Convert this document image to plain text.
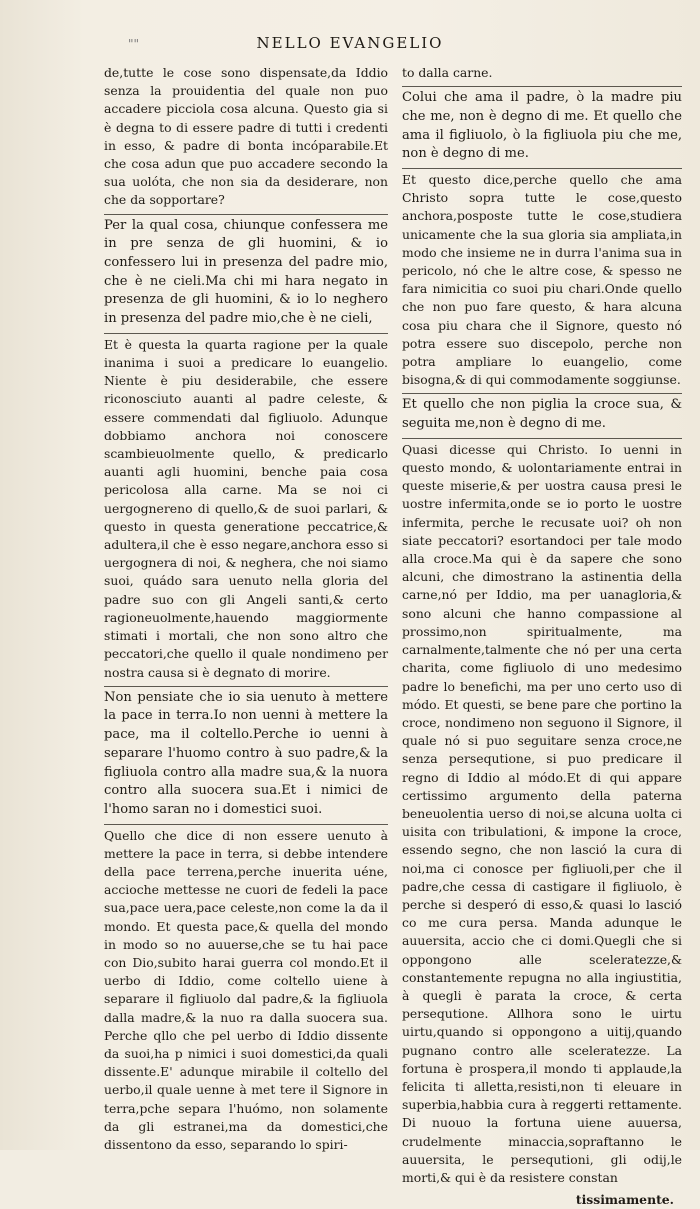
""	NELLO EVANGELIO

de,tutte le cose sono dispensate,da Iddio senza la prouidentia del quale non puo accadere picciola cosa alcuna. Questo gia si è degna to di essere padre di tutti i credenti in esso, & padre di bonta incóparabile.Et che cosa adun que puo accadere secondo la sua uolóta, che non sia da desiderare, non che da sopportare?

Per la qual cosa, chiunque confessera me in pre senza de gli huomini, & io confessero lui in presenza del padre mio, che è ne cieli.Ma chi mi hara negato in presenza de gli huomini, & io lo neghero in presenza del padre mio,che è ne cieli,

Et è questa la quarta ragione per la quale inanima i suoi a predicare lo euangelio. Niente è piu desiderabile, che essere riconosciuto auanti al padre celeste, & essere commendati dal figliuolo. Adunque dobbiamo anchora noi conoscere scambieuolmente quello, & predicarlo auanti agli huomini, benche paia cosa pericolosa alla carne. Ma se noi ci uergognereno di quello,& de suoi parlari, & questo in questa generatione peccatrice,& adultera,il che è esso negare,anchora esso si uergognera di noi, & neghera, che noi siamo suoi, quádo sara uenuto nella gloria del padre suo con gli Angeli santi,& certo ragioneuolmente,hauendo maggiormente stimati i mortali, che non sono altro che peccatori,che quello il quale nondimeno per nostra causa si è degnato di morire.

Non pensiate che io sia uenuto à mettere la pace in terra.Io non uenni à mettere la pace, ma il coltello.Perche io uenni à separare l'huomo contro à suo padre,& la figliuola contro alla madre sua,& la nuora contro alla suocera sua.Et i nimici de l'homo saran no i domestici suoi.

Quello che dice di non essere uenuto à mettere la pace in terra, si debbe intendere della pace terrena,perche inuerita uéne, accioche mettesse ne cuori de fedeli la pace sua,pace uera,pace celeste,non come la da il mondo. Et questa pace,& quella del mondo in modo so no auuerse,che se tu hai pace con Dio,subito harai guerra col mondo.Et il uerbo di Iddio, come coltello uiene à separare il figliuolo dal padre,& la figliuola dalla madre,& la nuo ra dalla suocera sua. Perche qllo che pel uerbo di Iddio dissente da suoi,ha p nimici i suoi domestici,da quali dissente.E' adunque mirabile il coltello del uerbo,il quale uenne à met tere il Signore in terra,pche separa l'huómo, non solamente da gli estranei,ma da domestici,che dissentono da esso, separando lo spiri-

to dalla carne.

Colui che ama il padre, ò la madre piu che me, non è degno di me. Et quello che ama il figliuolo, ò la figliuola piu che me, non è degno di me.

Et questo dice,perche quello che ama Christo sopra tutte le cose,questo anchora,posposte tutte le cose,studiera unicamente che la sua gloria sia ampliata,in modo che insieme ne in durra l'anima sua in pericolo, nó che le altre cose, & spesso ne fara nimicitia co suoi piu chari.Onde quello che non puo fare questo, & hara alcuna cosa piu chara che il Signore, questo nó potra essere suo discepolo, perche non potra ampliare lo euangelio, come bisogna,& di qui commodamente soggiunse.

Et quello che non piglia la croce sua, & seguita me,non è degno di me.

Quasi dicesse qui Christo. Io uenni in questo mondo, & uolontariamente entrai in queste miserie,& per uostra causa presi le uostre infermita,onde se io porto le uostre infermita, perche le recusate uoi? oh non siate peccatori? esortandoci per tale modo alla croce.Ma qui è da sapere che sono alcuni, che dimostrano la astinentia della carne,nó per Iddio, ma per uanagloria,& sono alcuni che hanno compassione al prossimo,non spiritualmente, ma carnalmente,talmente che nó per una certa charita, come figliuolo di uno medesimo padre lo benefichi, ma per uno certo uso di módo. Et questi, se bene pare che portino la croce, nondimeno non seguono il Signore, il quale nó si puo seguitare senza croce,ne senza persequtione, si puo predicare il regno di Iddio al módo.Et di qui appare certissimo argumento della paterna beneuolentia uerso di noi,se alcuna uolta ci uisita con tribulationi, & impone la croce, essendo segno, che non lasció la cura di noi,ma ci conosce per figliuoli,per che il padre,che cessa di castigare il figliuolo, è perche si desperó di esso,& quasi lo lasció co me cura persa. Manda adunque le auuersita, accio che ci domi.Quegli che si oppongono alle sceleratezze,& constantemente repugna no alla ingiustitia, à quegli è parata la croce, & certa persequtione. Allhora sono le uirtu uirtu,quando si oppongono a uitij,quando pugnano contro alle sceleratezze. La fortuna è prospera,il mondo ti applaude,la felicita ti alletta,resisti,non ti eleuare in superbia,habbia cura à reggerti rettamente. Di nuouo la fortuna uiene auuersa, crudelmente minaccia,sopraftanno le auuersita, le persequtioni, gli odij,le morti,& qui è da resistere constan

tissimamente.
